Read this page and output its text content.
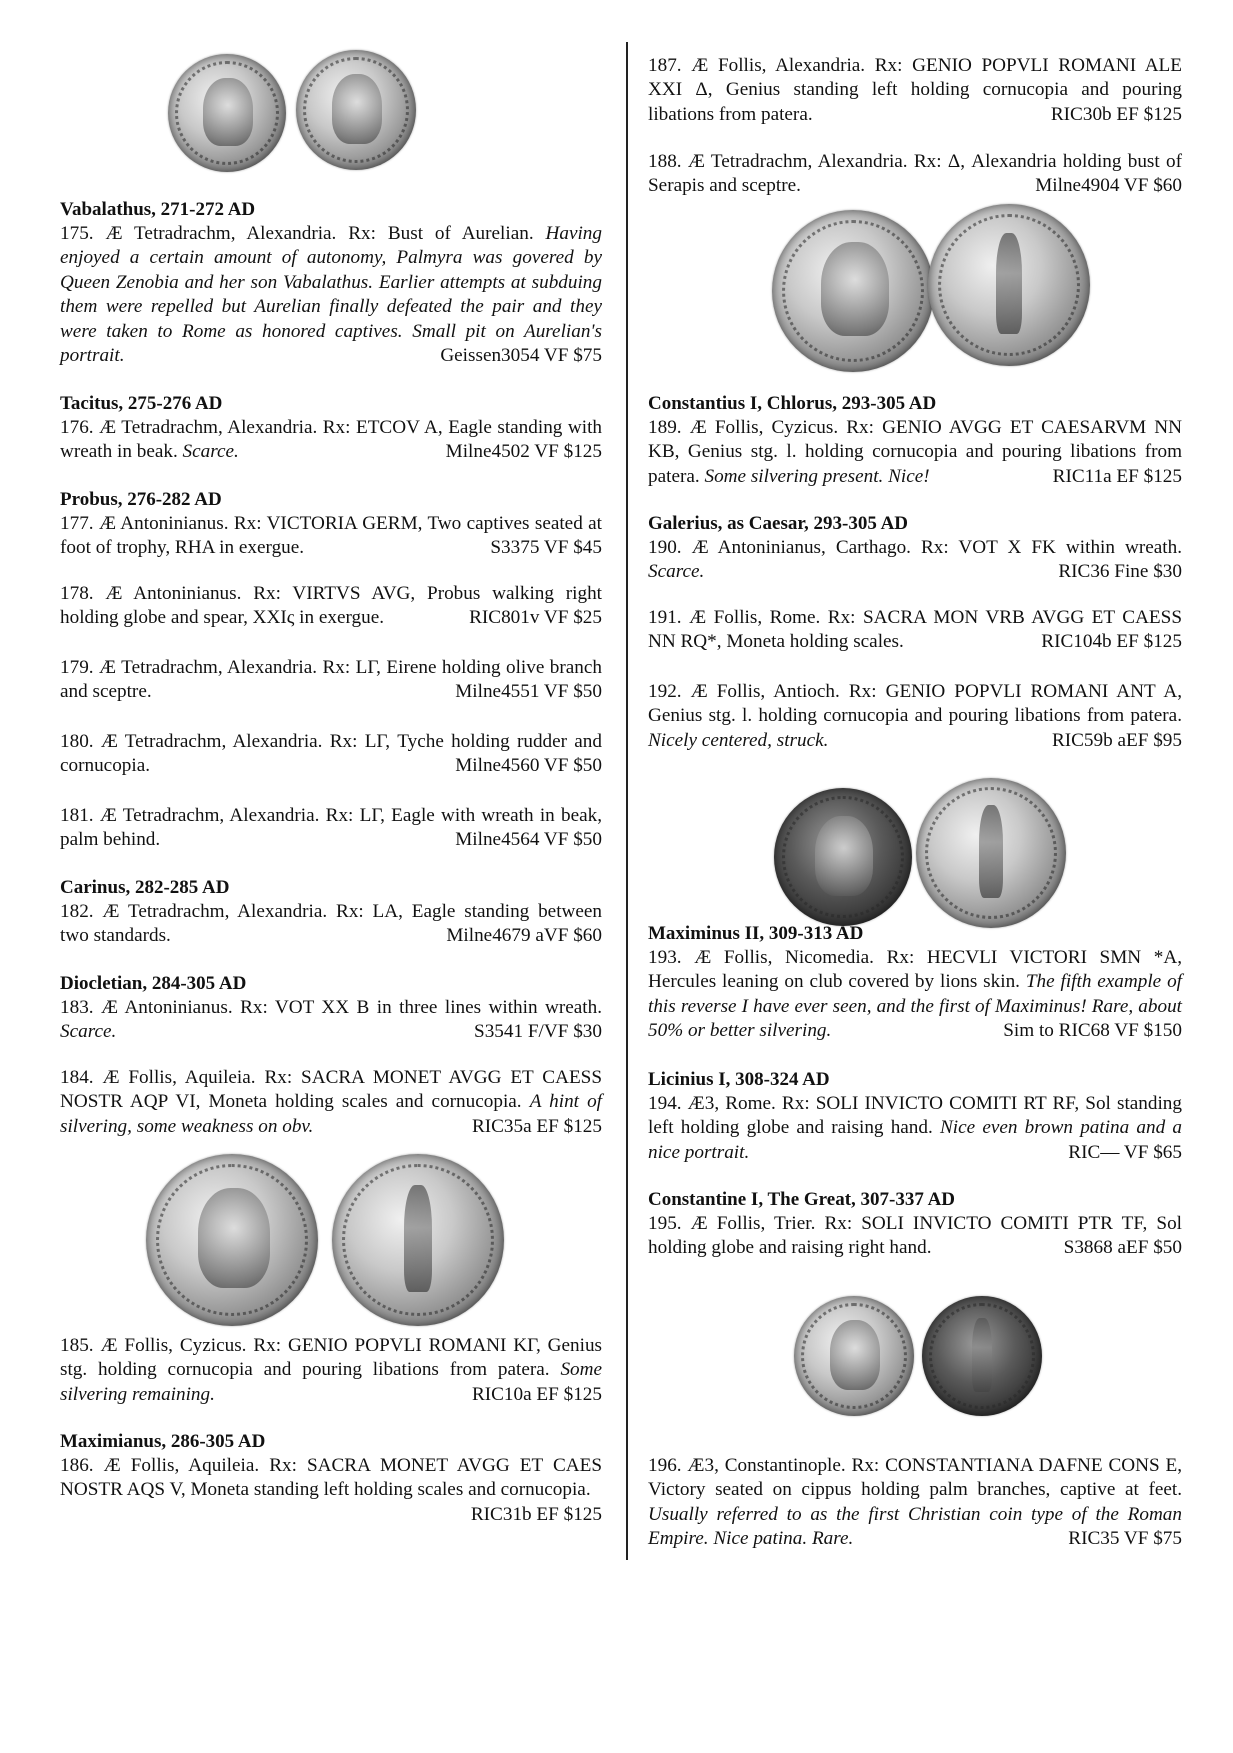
Vabalathus, 271-272 AD

175. Æ Tetradrachm, Alexandria. Rx: Bust of Aurelian. Having enjoyed a certain amount of autonomy, Palmyra was govered by Queen Zenobia and her son Vabalathus. Earlier attempts at subduing them were repelled but Aurelian finally defeated the pair and they were taken to Rome as honored captives. Small pit on Aurelian's portrait.	Geissen3054 VF $75

Tacitus, 275-276 AD

176. Æ Tetradrachm, Alexandria. Rx: ETCOV A, Eagle standing with wreath in beak. Scarce.	Milne4502 VF $125

Probus, 276-282 AD

177. Æ Antoninianus. Rx: VICTORIA GERM, Two captives seated at foot of trophy, RHA in exergue.	S3375 VF $45

178. Æ Antoninianus. Rx: VIRTVS AVG, Probus walking right holding globe and spear, XXIς in exergue.	RIC801v VF $25

179. Æ Tetradrachm, Alexandria. Rx: LΓ, Eirene holding olive branch and sceptre.	Milne4551 VF $50

180. Æ Tetradrachm, Alexandria. Rx: LΓ, Tyche holding rudder and cornucopia.	Milne4560 VF $50

181. Æ Tetradrachm, Alexandria. Rx: LΓ, Eagle with wreath in beak, palm behind.	Milne4564 VF $50

Carinus, 282-285 AD

182. Æ Tetradrachm, Alexandria. Rx: LA, Eagle standing between two standards.	Milne4679 aVF $60

Diocletian, 284-305 AD

183. Æ Antoninianus. Rx: VOT XX B in three lines within wreath. Scarce.	S3541 F/VF $30

184. Æ Follis, Aquileia. Rx: SACRA MONET AVGG ET CAESS NOSTR AQP VI, Moneta holding scales and cornucopia. A hint of silvering, some weakness on obv.	RIC35a EF $125

185. Æ Follis, Cyzicus. Rx: GENIO POPVLI ROMANI KΓ, Genius stg. holding cornucopia and pouring libations from patera. Some silvering remaining.	RIC10a EF $125

Maximianus, 286-305 AD

186. Æ Follis, Aquileia. Rx: SACRA MONET AVGG ET CAES NOSTR AQS V, Moneta standing left holding scales and cornucopia.
RIC31b EF $125

187. Æ Follis, Alexandria. Rx: GENIO POPVLI ROMANI ALE XXI Δ, Genius standing left holding cornucopia and pouring libations from patera.	RIC30b EF $125

188. Æ Tetradrachm, Alexandria. Rx: Δ, Alexandria holding bust of Serapis and sceptre.	Milne4904 VF $60

Constantius I, Chlorus, 293-305 AD

189. Æ Follis, Cyzicus. Rx: GENIO AVGG ET CAESARVM NN KB, Genius stg. l. holding cornucopia and pouring libations from patera. Some silvering present. Nice!	RIC11a EF $125

Galerius, as Caesar, 293-305 AD

190. Æ Antoninianus, Carthago. Rx: VOT X FK within wreath. Scarce.	RIC36 Fine $30

191. Æ Follis, Rome. Rx: SACRA MON VRB AVGG ET CAESS NN RQ*, Moneta holding scales.	RIC104b EF $125

192. Æ Follis, Antioch. Rx: GENIO POPVLI ROMANI ANT A, Genius stg. l. holding cornucopia and pouring libations from patera. Nicely centered, struck.	RIC59b aEF $95

Maximinus II, 309-313 AD

193. Æ Follis, Nicomedia. Rx: HECVLI VICTORI SMN *A, Hercules leaning on club covered by lions skin. The fifth example of this reverse I have ever seen, and the first of Maximinus! Rare, about 50% or better silvering.	Sim to RIC68 VF $150

Licinius I, 308-324 AD

194. Æ3, Rome. Rx: SOLI INVICTO COMITI RT RF, Sol standing left holding globe and raising hand. Nice even brown patina and a nice portrait.	RIC— VF $65

Constantine I, The Great, 307-337 AD

195. Æ Follis, Trier. Rx: SOLI INVICTO COMITI PTR TF, Sol holding globe and raising right hand.	S3868 aEF $50

196. Æ3, Constantinople. Rx: CONSTANTIANA DAFNE CONS E, Victory seated on cippus holding palm branches, captive at feet. Usually referred to as the first Christian coin type of the Roman Empire. Nice patina. Rare.	RIC35 VF $75
